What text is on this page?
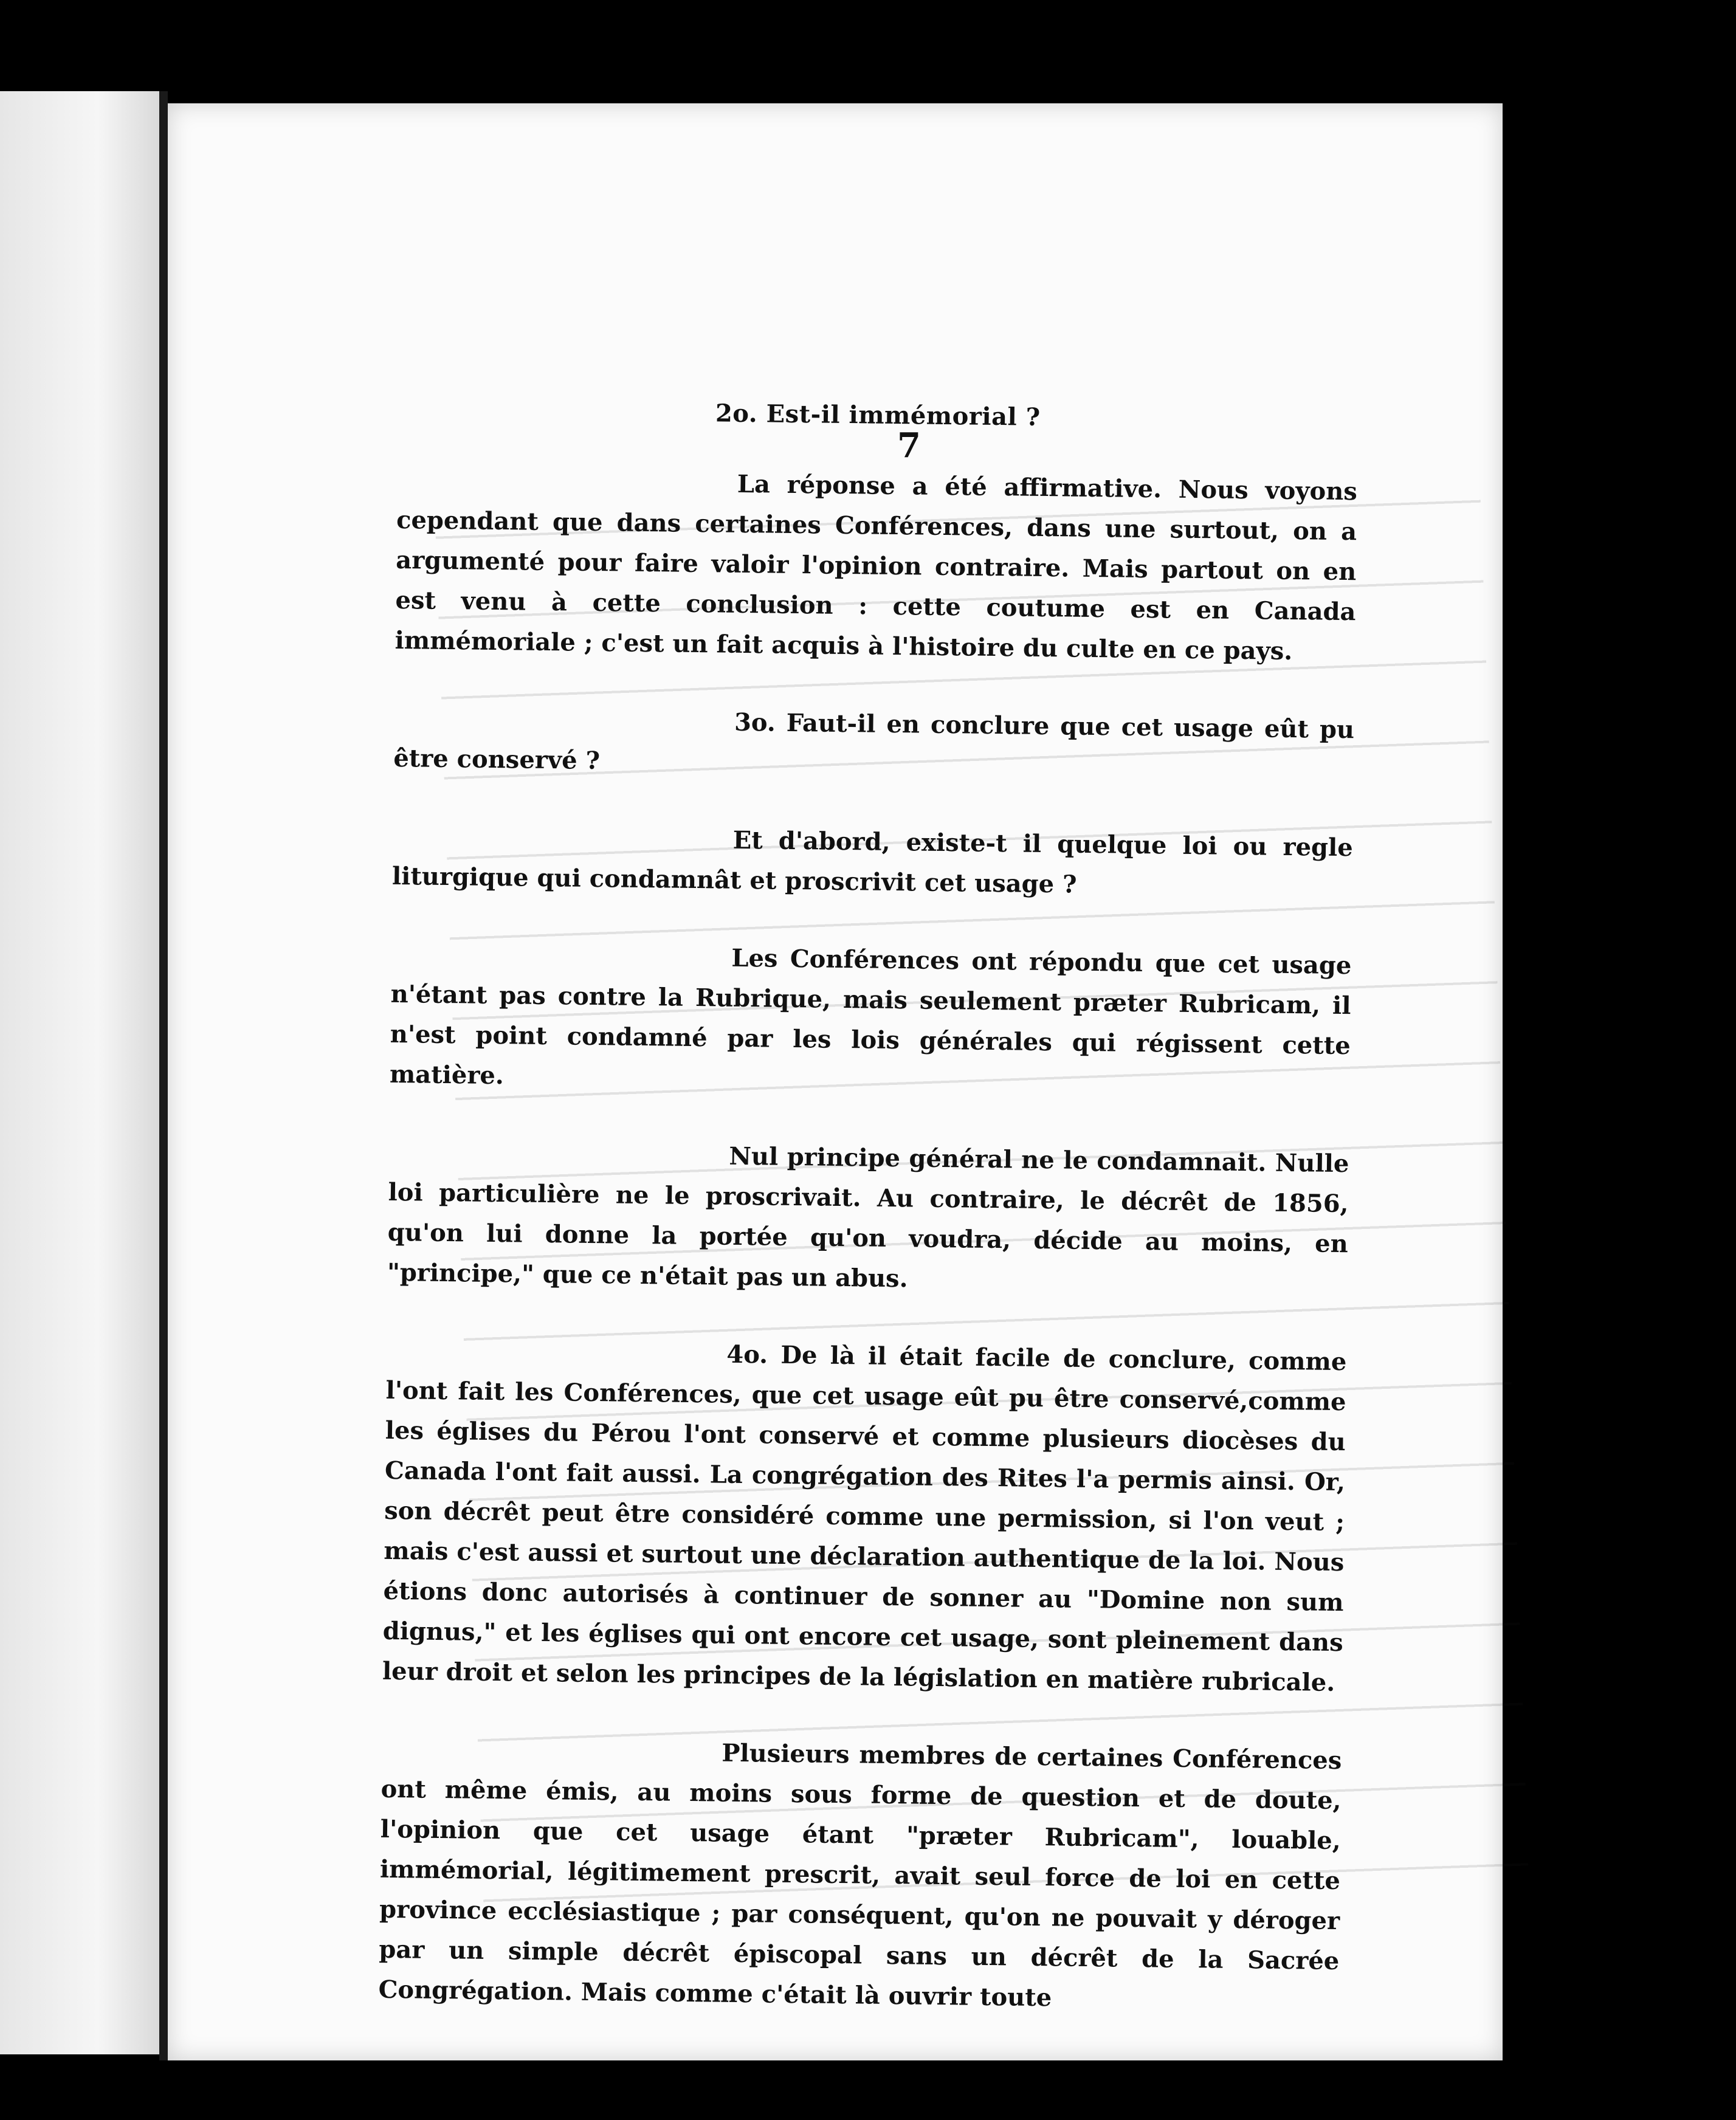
7
2o. Est-il immémorial ?

La réponse a été affirmative. Nous voyons cependant que dans certaines Conférences, dans une surtout, on a argumenté pour faire valoir l'opinion contraire. Mais partout on en est venu à cette conclusion : cette coutume est en Canada immémoriale ; c'est un fait acquis à l'histoire du culte en ce pays.

3o. Faut-il en conclure que cet usage eût pu être conservé ?

Et d'abord, existe-t il quelque loi ou regle liturgique qui condamnât et proscrivit cet usage ?

Les Conférences ont répondu que cet usage n'étant pas contre la Rubrique, mais seulement præter Rubricam, il n'est point condamné par les lois générales qui régissent cette matière.

Nul principe général ne le condamnait. Nulle loi particulière ne le proscrivait. Au contraire, le décrêt de 1856, qu'on lui donne la portée qu'on voudra, décide au moins, en "principe," que ce n'était pas un abus.

4o. De là il était facile de conclure, comme l'ont fait les Conférences, que cet usage eût pu être conservé,comme les églises du Pérou l'ont conservé et comme plusieurs diocèses du Canada l'ont fait aussi. La congrégation des Rites l'a permis ainsi. Or, son décrêt peut être considéré comme une permission, si l'on veut ; mais c'est aussi et surtout une déclaration authentique de la loi. Nous étions donc autorisés à continuer de sonner au "Domine non sum dignus," et les églises qui ont encore cet usage, sont pleinement dans leur droit et selon les principes de la législation en matière rubricale.

Plusieurs membres de certaines Conférences ont même émis, au moins sous forme de question et de doute, l'opinion que cet usage étant "præter Rubricam", louable, immémorial, légitimement prescrit, avait seul force de loi en cette province ecclésiastique ; par conséquent, qu'on ne pouvait y déroger par un simple décrêt épiscopal sans un décrêt de la Sacrée Congrégation. Mais comme c'était là ouvrir toute
